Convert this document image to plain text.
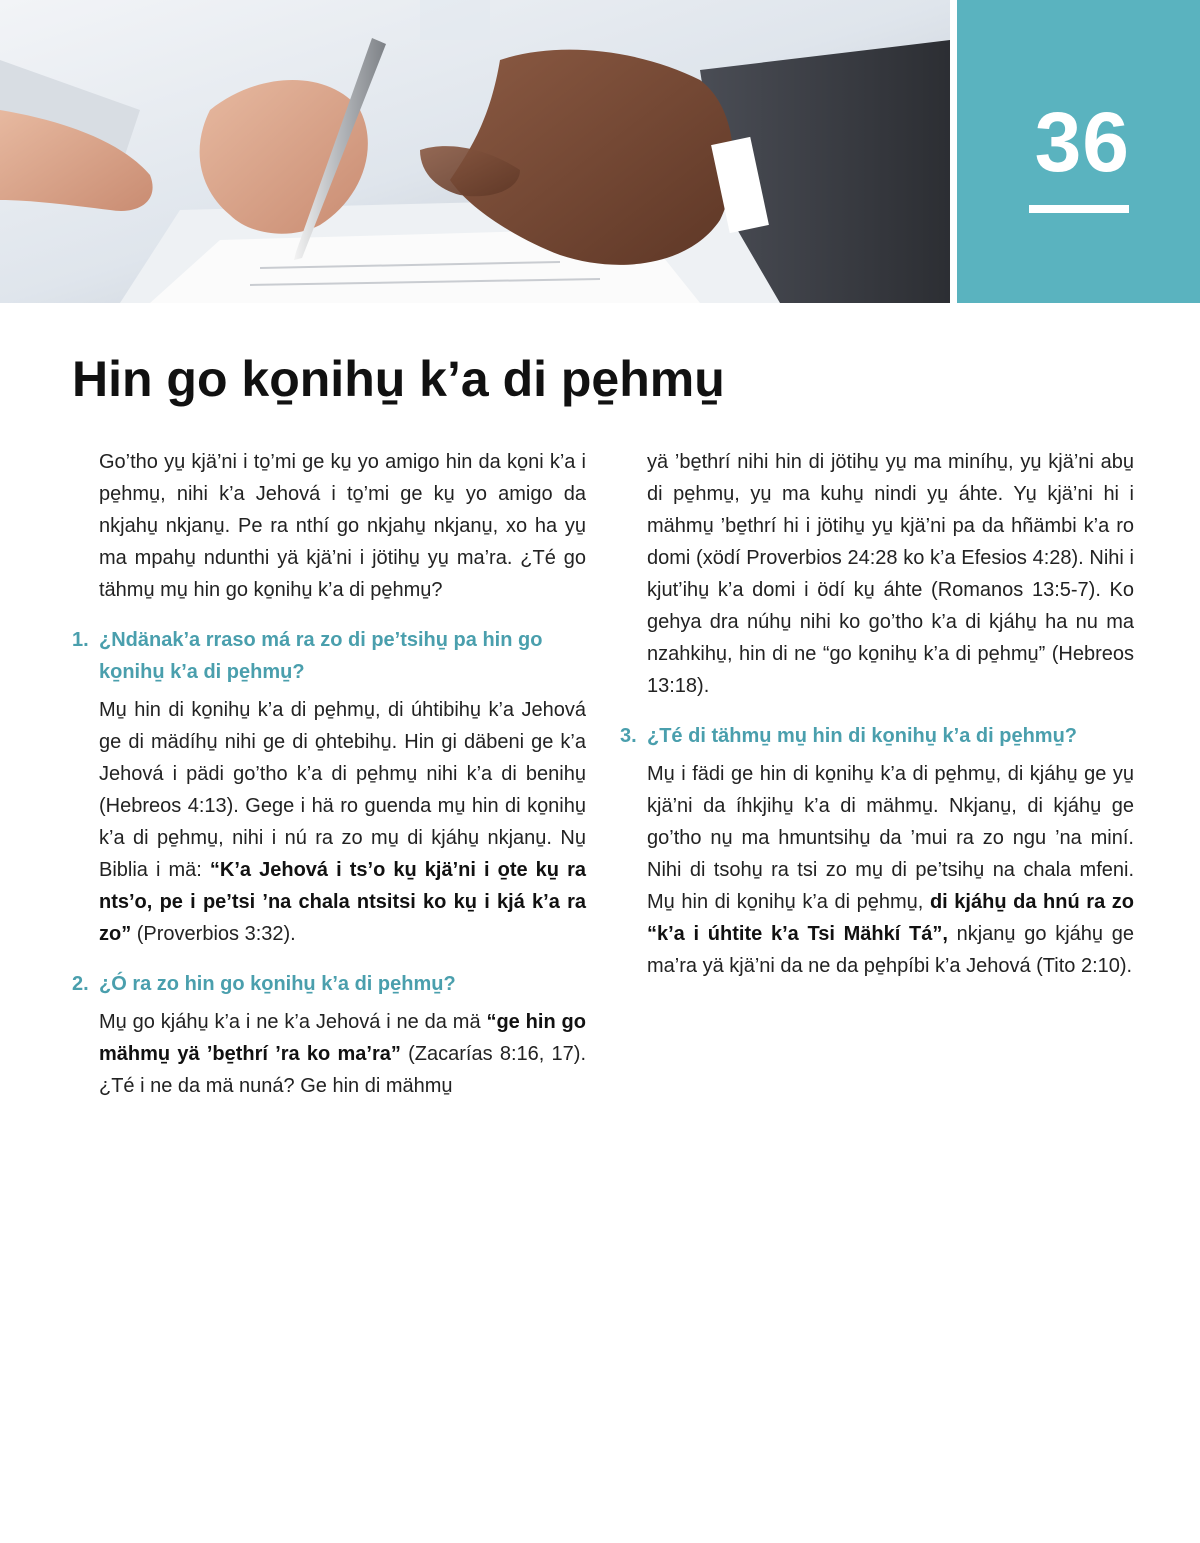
36
Hin go ko̱nihu̱ k’a di pe̱hmu̱

Go’tho yu̱ kjä’ni i to̱’mi ge ku̱ yo amigo hin da ko̱ni k’a i pe̱hmu̱, nihi k’a Jehová i to̱’mi ge ku̱ yo amigo da nkjahu̱ nkjanu̱. Pe ra nthí go nkjahu̱ nkjanu̱, xo ha yu̱ ma mpahu̱ ndunthi yä kjä’ni i jötihu̱ yu̱ ma’ra. ¿Té go tähmu̱ mu̱ hin go ko̱nihu̱ k’a di pe̱hmu̱?

1. ¿Ndänak’a rraso má ra zo di pe’tsihu̱ pa hin go ko̱nihu̱ k’a di pe̱hmu̱?

Mu̱ hin di ko̱nihu̱ k’a di pe̱hmu̱, di úhtibihu̱ k’a Jehová ge di mädíhu̱ nihi ge di o̱htebihu̱. Hin gi däbeni ge k’a Jehová i pädi go’tho k’a di pe̱hmu̱ nihi k’a di benihu̱ (Hebreos 4:13). Gege i hä ro guenda mu̱ hin di ko̱nihu̱ k’a di pe̱hmu̱, nihi i nú ra zo mu̱ di kjáhu̱ nkjanu̱. Nu̱ Biblia i mä: “K’a Jehová i ts’o ku̱ kjä’ni i o̱te ku̱ ra nts’o, pe i pe’tsi ’na chala ntsitsi ko ku̱ i kjá k’a ra zo” (Proverbios 3:32).

2. ¿Ó ra zo hin go ko̱nihu̱ k’a di pe̱hmu̱?

Mu̱ go kjáhu̱ k’a i ne k’a Jehová i ne da mä “ge hin go mähmu̱ yä ’be̱thrí ’ra ko ma’ra” (Zacarías 8:16, 17). ¿Té i ne da mä nuná? Ge hin di mähmu̱

yä ’be̱thrí nihi hin di jötihu̱ yu̱ ma miníhu̱, yu̱ kjä’ni abu̱ di pe̱hmu̱, yu̱ ma kuhu̱ nindi yu̱ áhte. Yu̱ kjä’ni hi i mähmu̱ ’be̱thrí hi i jötihu̱ yu̱ kjä’ni pa da hñämbi k’a ro domi (xödí Proverbios 24:28 ko k’a Efesios 4:28). Nihi i kjut’ihu̱ k’a domi i ödí ku̱ áhte (Romanos 13:5-7). Ko gehya dra núhu̱ nihi ko go’tho k’a di kjáhu̱ ha nu ma nzahkihu̱, hin di ne “go ko̱nihu̱ k’a di pe̱hmu̱” (Hebreos 13:18).

3. ¿Té di tähmu̱ mu̱ hin di ko̱nihu̱ k’a di pe̱hmu̱?

Mu̱ i fädi ge hin di ko̱nihu̱ k’a di pe̱hmu̱, di kjáhu̱ ge yu̱ kjä’ni da íhkjihu̱ k’a di mähmu̱. Nkjanu̱, di kjáhu̱ ge go’tho nu̱ ma hmuntsihu̱ da ’mui ra zo ngu ’na miní. Nihi di tsohu̱ ra tsi zo mu̱ di pe’tsihu̱ na chala mfeni. Mu̱ hin di ko̱nihu̱ k’a di pe̱hmu̱, di kjáhu̱ da hnú ra zo “k’a i úhtite k’a Tsi Mähkí Tá”, nkjanu̱ go kjáhu̱ ge ma’ra yä kjä’ni da ne da pe̱hpíbi k’a Jehová (Tito 2:10).
